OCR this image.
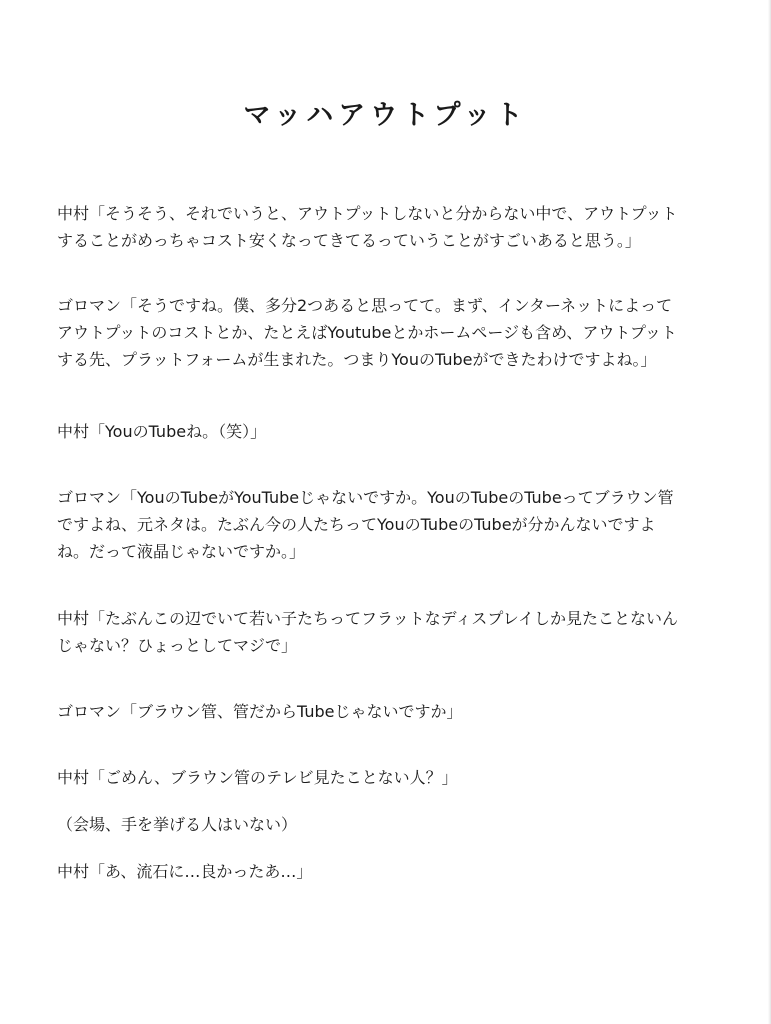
マッハアウトプット

中村「そうそう、それでいうと、アウトプットしないと分からない中で、アウトプット
することがめっちゃコスト安くなってきてるっていうことがすごいあると思う。」

ゴロマン「そうですね。僕、多分2つあると思ってて。まず、インターネットによって
アウトプットのコストとか、たとえばYoutubeとかホームページも含め、アウトプット
する先、プラットフォームが生まれた。つまりYouのTubeができたわけですよね。」

中村「YouのTubeね。（笑）」

ゴロマン「YouのTubeがYouTubeじゃないですか。YouのTubeのTubeってブラウン管
ですよね、元ネタは。たぶん今の人たちってYouのTubeのTubeが分かんないですよ
ね。だって液晶じゃないですか。」

中村「たぶんこの辺でいて若い子たちってフラットなディスプレイしか見たことないん
じゃない？ひょっとしてマジで」

ゴロマン「ブラウン管、管だからTubeじゃないですか」

中村「ごめん、ブラウン管のテレビ見たことない人？」

（会場、手を挙げる人はいない）

中村「あ、流石に…良かったあ…」
